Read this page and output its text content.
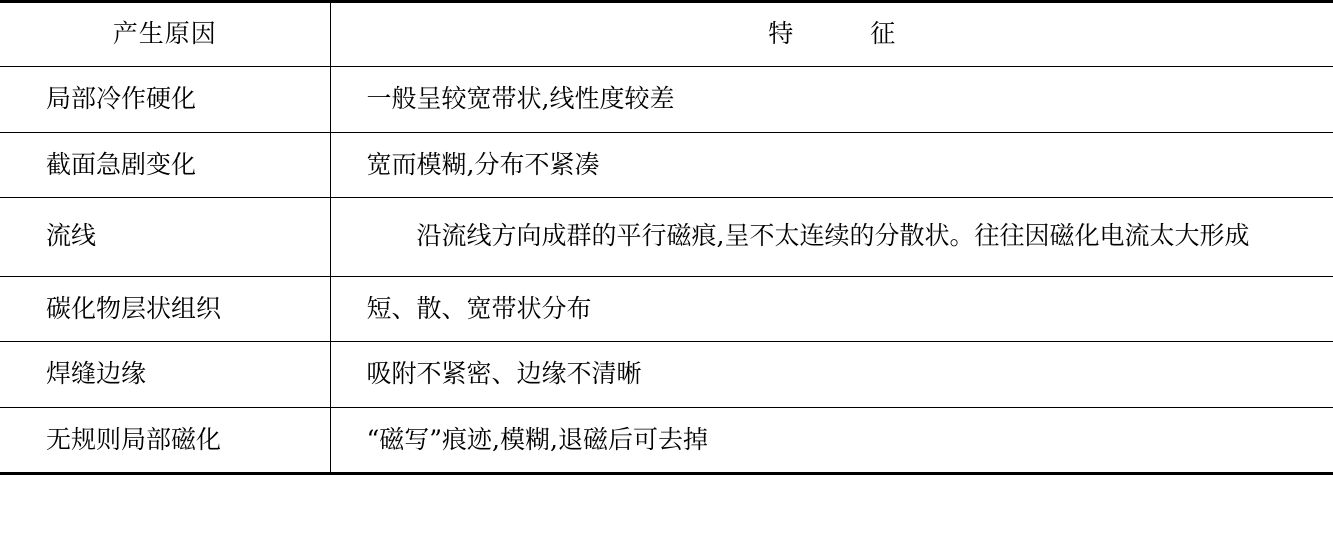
产生原因	特　征

局部冷作硬化	一般呈较宽带状,线性度较差

截面急剧变化	宽而模糊,分布不紧凑

流线	沿流线方向成群的平行磁痕,呈不太连续的分散状。往往因磁化电流太大形成

碳化物层状组织	短、散、宽带状分布

焊缝边缘	吸附不紧密、边缘不清晰

无规则局部磁化	“磁写”痕迹,模糊,退磁后可去掉
